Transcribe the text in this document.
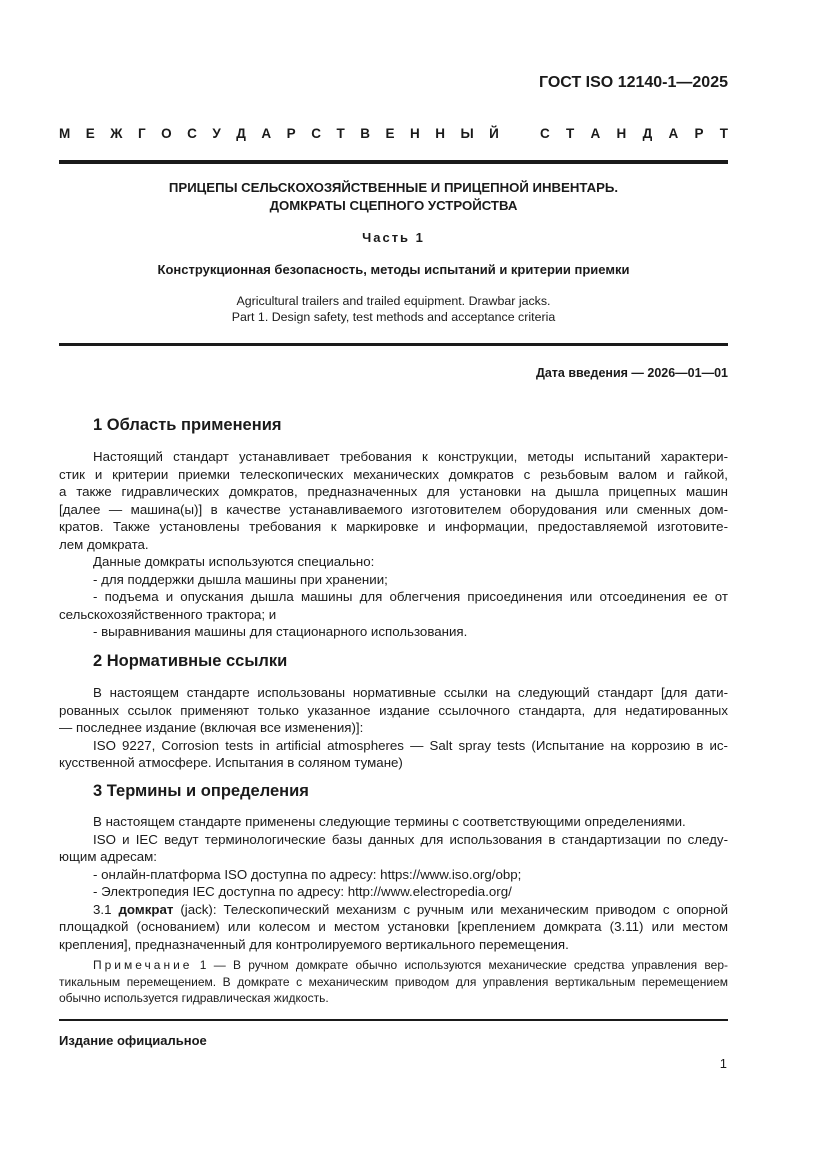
ГОСТ ISO 12140-1—2025
М Е Ж Г О С У Д А Р С Т В Е Н Н Ы Й	С Т А Н Д А Р Т
ПРИЦЕПЫ СЕЛЬСКОХОЗЯЙСТВЕННЫЕ И ПРИЦЕПНОЙ ИНВЕНТАРЬ.
ДОМКРАТЫ СЦЕПНОГО УСТРОЙСТВА
Часть 1
Конструкционная безопасность, методы испытаний и критерии приемки
Agricultural trailers and trailed equipment. Drawbar jacks.
Part 1. Design safety, test methods and acceptance criteria
Дата введения — 2026—01—01
1 Область применения
Настоящий стандарт устанавливает требования к конструкции, методы испытаний характери-
стик и критерии приемки телескопических механических домкратов с резьбовым валом и гайкой,
а также гидравлических домкратов, предназначенных для установки на дышла прицепных машин
[далее — машина(ы)] в качестве устанавливаемого изготовителем оборудования или сменных дом-
кратов. Также установлены требования к маркировке и информации, предоставляемой изготовите-
лем домкрата.
Данные домкраты используются специально:
- для поддержки дышла машины при хранении;
- подъема и опускания дышла машины для облегчения присоединения или отсоединения ее от
сельскохозяйственного трактора; и
- выравнивания машины для стационарного использования.
2 Нормативные ссылки
В настоящем стандарте использованы нормативные ссылки на следующий стандарт [для дати-
рованных ссылок применяют только указанное издание ссылочного стандарта, для недатированных
— последнее издание (включая все изменения)]:
ISO 9227, Corrosion tests in artificial atmospheres — Salt spray tests (Испытание на коррозию в ис-
кусственной атмосфере. Испытания в соляном тумане)
3 Термины и определения
В настоящем стандарте применены следующие термины с соответствующими определениями.
ISO и IEC ведут терминологические базы данных для использования в стандартизации по следу-
ющим адресам:
- онлайн-платформа ISO доступна по адресу: https://www.iso.org/obp;
- Электропедия IEC доступна по адресу: http://www.electropedia.org/
3.1 домкрат (jack): Телескопический механизм с ручным или механическим приводом с опорной
площадкой (основанием) или колесом и местом установки [креплением домкрата (3.11) или местом
крепления], предназначенный для контролируемого вертикального перемещения.
Примечание 1 — В ручном домкрате обычно используются механические средства управления вер-
тикальным перемещением. В домкрате с механическим приводом для управления вертикальным перемещением
обычно используется гидравлическая жидкость.
Издание официальное
1
